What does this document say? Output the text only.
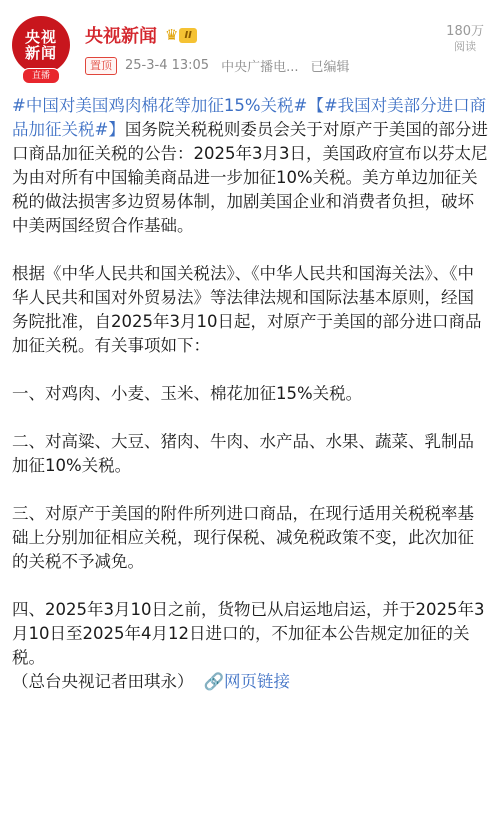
央视
新闻
直播
央视新闻 ♛ II
置顶	25-3-4 13:05 中央广播电... 已编辑
180万
阅读

#中国对美国鸡肉棉花等加征15%关税#【#我国对美部分进口商品加征关税#】国务院关税税则委员会关于对原产于美国的部分进口商品加征关税的公告：2025年3月3日，美国政府宣布以芬太尼为由对所有中国输美商品进一步加征10%关税。美方单边加征关税的做法损害多边贸易体制，加剧美国企业和消费者负担，破坏中美两国经贸合作基础。

根据《中华人民共和国关税法》、《中华人民共和国海关法》、《中华人民共和国对外贸易法》等法律法规和国际法基本原则，经国务院批准，自2025年3月10日起，对原产于美国的部分进口商品加征关税。有关事项如下：

一、对鸡肉、小麦、玉米、棉花加征15%关税。

二、对高粱、大豆、猪肉、牛肉、水产品、水果、蔬菜、乳制品加征10%关税。

三、对原产于美国的附件所列进口商品，在现行适用关税税率基础上分别加征相应关税，现行保税、减免税政策不变，此次加征的关税不予减免。

四、2025年3月10日之前，货物已从启运地启运，并于2025年3月10日至2025年4月12日进口的，不加征本公告规定加征的关税。

（总台央视记者田琪永） 🔗网页链接
